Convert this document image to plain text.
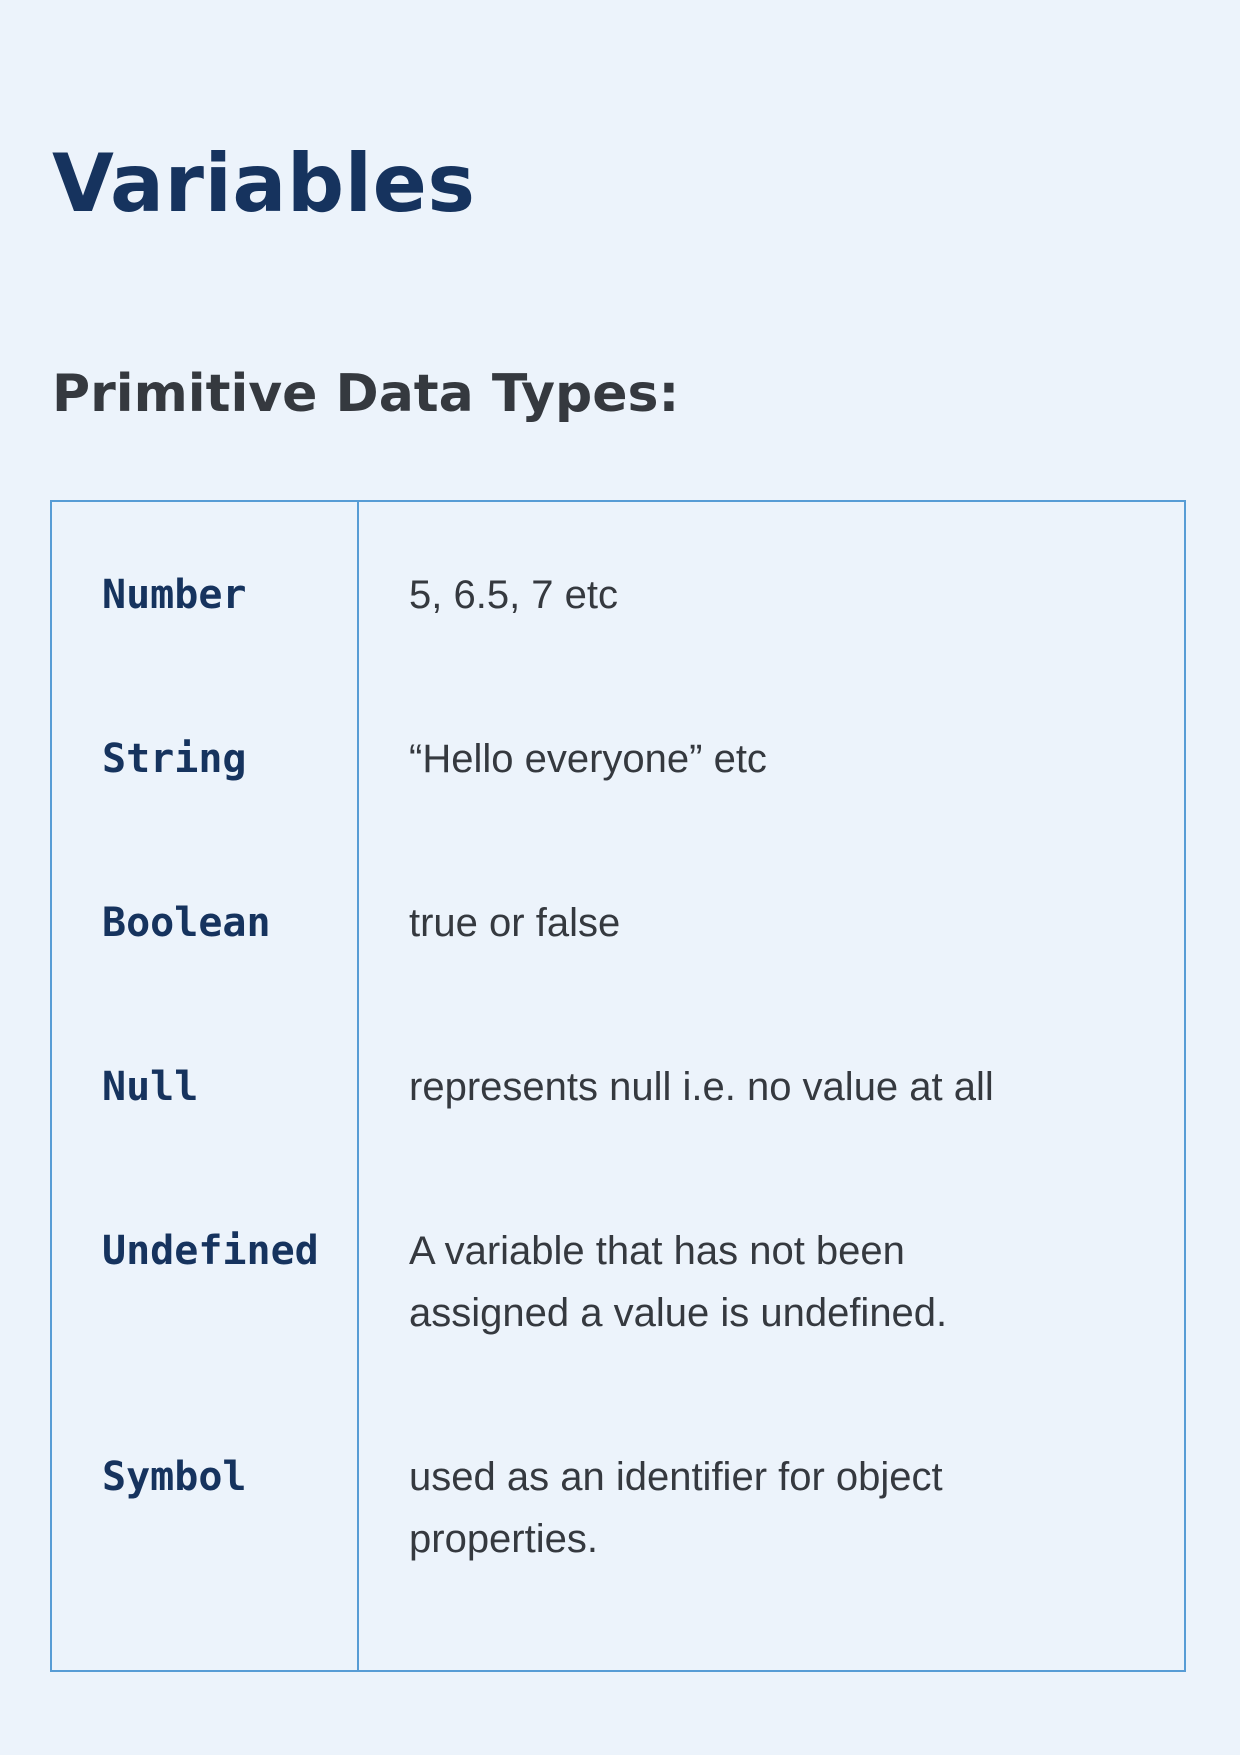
Variables
Primitive Data Types:
Number	5, 6.5, 7 etc
String	“Hello everyone” etc
Boolean	true or false
Null	represents null i.e. no value at all
Undefined	A variable that has not been assigned a value is undefined.
Symbol	used as an identifier for object properties.
